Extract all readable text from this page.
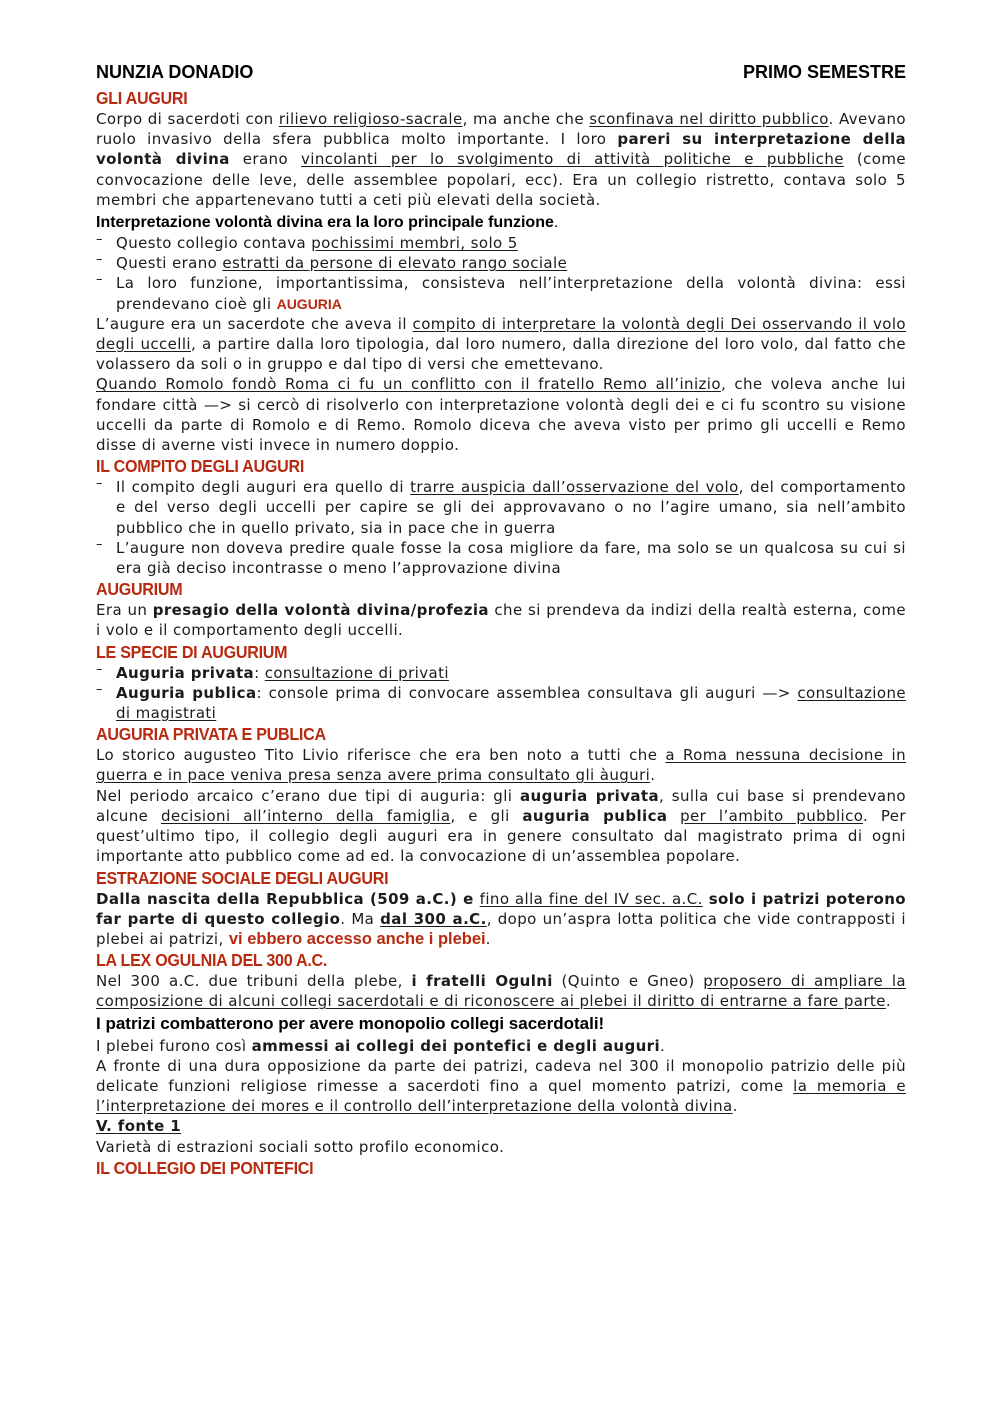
NUNZIA DONADIO	PRIMO SEMESTRE
GLI AUGURI

Corpo di sacerdoti con rilievo religioso-sacrale, ma anche che sconfinava nel diritto pubblico. Avevano ruolo invasivo della sfera pubblica molto importante. I loro pareri su interpretazione della volontà divina erano vincolanti per lo svolgimento di attività politiche e pubbliche (come convocazione delle leve, delle assemblee popolari, ecc). Era un collegio ristretto, contava solo 5 membri che appartenevano tutti a ceti più elevati della società.

Interpretazione volontà divina era la loro principale funzione.

– Questo collegio contava pochissimi membri, solo 5
– Questi erano estratti da persone di elevato rango sociale
– La loro funzione, importantissima, consisteva nell’interpretazione della volontà divina: essi prendevano cioè gli AUGURIA

L’augure era un sacerdote che aveva il compito di interpretare la volontà degli Dei osservando il volo degli uccelli, a partire dalla loro tipologia, dal loro numero, dalla direzione del loro volo, dal fatto che volassero da soli o in gruppo e dal tipo di versi che emettevano.

Quando Romolo fondò Roma ci fu un conflitto con il fratello Remo all’inizio, che voleva anche lui fondare città —> si cercò di risolverlo con interpretazione volontà degli dei e ci fu scontro su visione uccelli da parte di Romolo e di Remo. Romolo diceva che aveva visto per primo gli uccelli e Remo disse di averne visti invece in numero doppio.

IL COMPITO DEGLI AUGURI
– Il compito degli auguri era quello di trarre auspicia dall’osservazione del volo, del comportamento e del verso degli uccelli per capire se gli dei approvavano o no l’agire umano, sia nell’ambito pubblico che in quello privato, sia in pace che in guerra
– L’augure non doveva predire quale fosse la cosa migliore da fare, ma solo se un qualcosa su cui si era già deciso incontrasse o meno l’approvazione divina
AUGURIUM

Era un presagio della volontà divina/profezia che si prendeva da indizi della realtà esterna, come i volo e il comportamento degli uccelli.

LE SPECIE DI AUGURIUM
– Auguria privata: consultazione di privati
– Auguria publica: console prima di convocare assemblea consultava gli auguri —> consultazione di magistrati
AUGURIA PRIVATA E PUBLICA

Lo storico augusteo Tito Livio riferisce che era ben noto a tutti che a Roma nessuna decisione in guerra e in pace veniva presa senza avere prima consultato gli àuguri.

Nel periodo arcaico c’erano due tipi di auguria: gli auguria privata, sulla cui base si prendevano alcune decisioni all’interno della famiglia, e gli auguria publica per l’ambito pubblico. Per quest’ultimo tipo, il collegio degli auguri era in genere consultato dal magistrato prima di ogni importante atto pubblico come ad ed. la convocazione di un’assemblea popolare.

ESTRAZIONE SOCIALE DEGLI AUGURI

Dalla nascita della Repubblica (509 a.C.) e fino alla fine del IV sec. a.C. solo i patrizi poterono far parte di questo collegio. Ma dal 300 a.C., dopo un’aspra lotta politica che vide contrapposti i plebei ai patrizi, vi ebbero accesso anche i plebei.

LA LEX OGULNIA DEL 300 A.C.

Nel 300 a.C. due tribuni della plebe, i fratelli Ogulni (Quinto e Gneo) proposero di ampliare la composizione di alcuni collegi sacerdotali e di riconoscere ai plebei il diritto di entrarne a fare parte.

I patrizi combatterono per avere monopolio collegi sacerdotali!

I plebei furono così ammessi ai collegi dei pontefici e degli auguri.

A fronte di una dura opposizione da parte dei patrizi, cadeva nel 300 il monopolio patrizio delle più delicate funzioni religiose rimesse a sacerdoti fino a quel momento patrizi, come la memoria e l’interpretazione dei mores e il controllo dell’interpretazione della volontà divina.

V. fonte 1

Varietà di estrazioni sociali sotto profilo economico.

IL COLLEGIO DEI PONTEFICI
